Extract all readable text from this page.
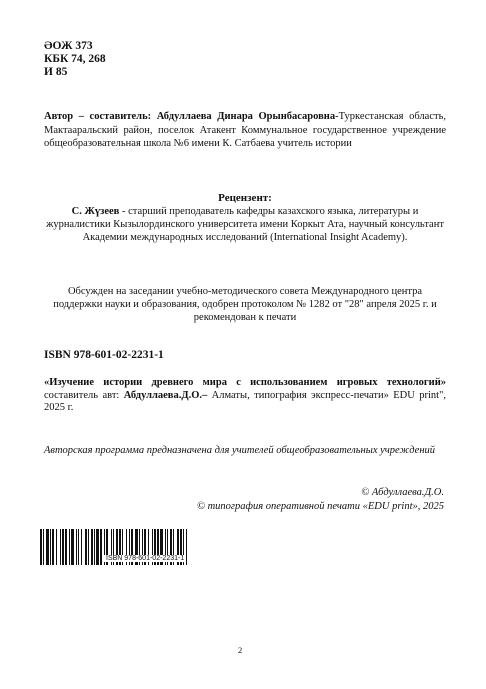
ӘОЖ 373
КБК 74, 268
И 85
Автор – составитель: Абдуллаева Динара Орынбасаровна-Туркестанская область, Мактааральский район, поселок Атакент Коммунальное государственное учреждение общеобразовательная школа №6 имени К. Сатбаева учитель истории
Рецензент:
С. Жүзеев - старший преподаватель кафедры казахского языка, литературы и журналистики Кызылординского университета имени Коркыт Ата, научный консультант Академии международных исследований (International Insight Academy).
Обсужден на заседании учебно-методического совета Международного центра поддержки науки и образования, одобрен протоколом № 1282 от "28" апреля 2025 г. и рекомендован к печати
ISBN 978-601-02-2231-1
«Изучение истории древнего мира с использованием игровых технологий» составитель авт: Абдуллаева.Д.О.– Алматы, типография экспресс-печати» EDU print", 2025 г.
Авторская программа предназначена для учителей общеобразовательных учреждений
© Абдуллаева.Д.О.
© типография оперативной печати «EDU print», 2025
ISBN 978-601-02-2231-1
2
